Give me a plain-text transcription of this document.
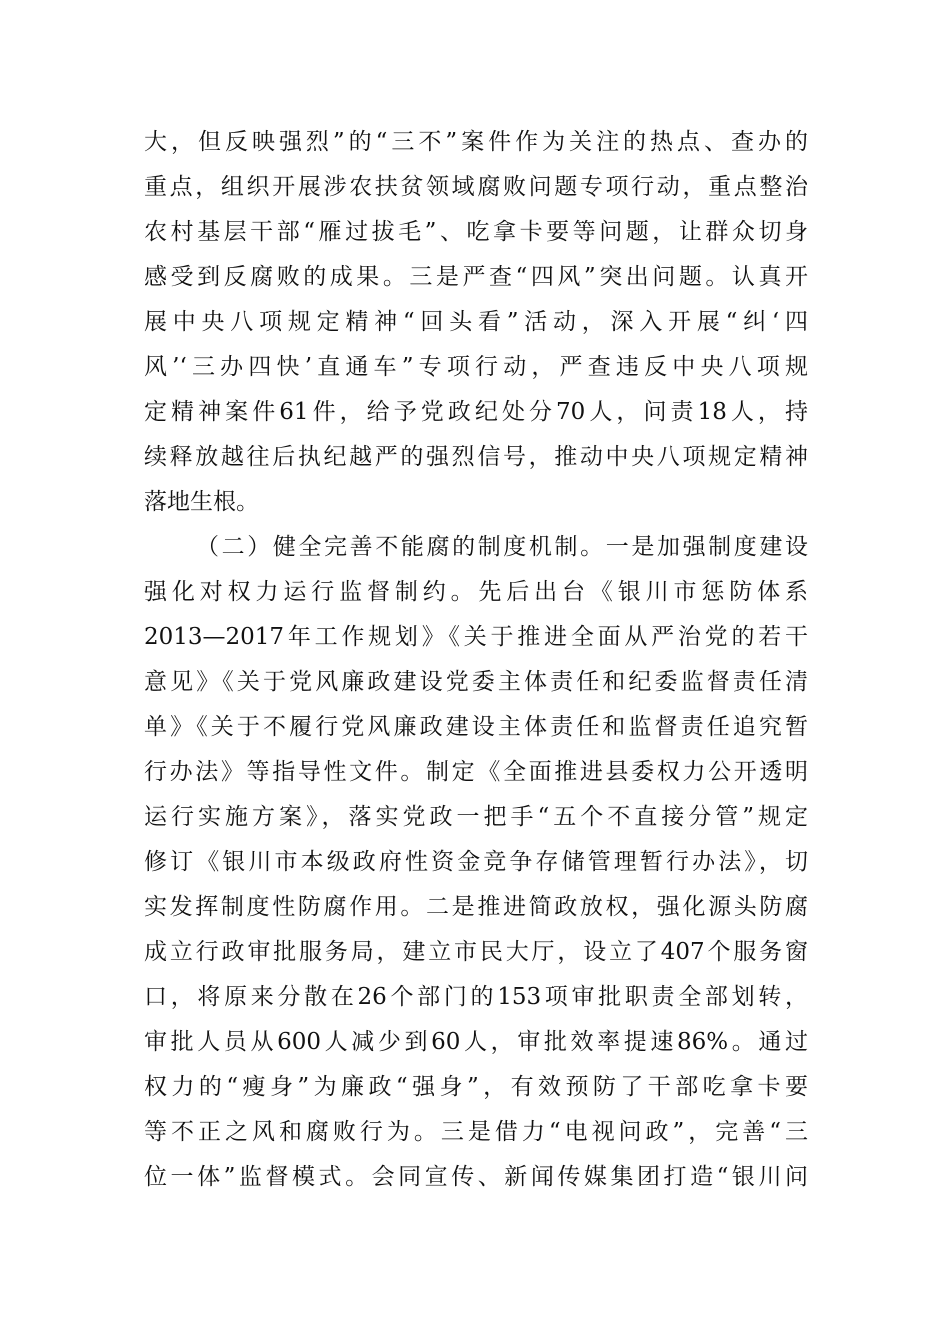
大，但反映强烈”的“三不”案件作为关注的热点、查办的
重点，组织开展涉农扶贫领域腐败问题专项行动，重点整治
农村基层干部“雁过拔毛”、吃拿卡要等问题，让群众切身
感受到反腐败的成果。三是严查“四风”突出问题。认真开
展中央八项规定精神“回头看”活动，深入开展“纠‘四
风’‘三办四快’直通车”专项行动，严查违反中央八项规
定精神案件61件，给予党政纪处分70人，问责18人，持
续释放越往后执纪越严的强烈信号，推动中央八项规定精神
落地生根。
（二）健全完善不能腐的制度机制。一是加强制度建设
强化对权力运行监督制约。先后出台《银川市惩防体系
2013—2017年工作规划》《关于推进全面从严治党的若干
意见》《关于党风廉政建设党委主体责任和纪委监督责任清
单》《关于不履行党风廉政建设主体责任和监督责任追究暂
行办法》等指导性文件。制定《全面推进县委权力公开透明
运行实施方案》，落实党政一把手“五个不直接分管”规定
修订《银川市本级政府性资金竞争存储管理暂行办法》，切
实发挥制度性防腐作用。二是推进简政放权，强化源头防腐
成立行政审批服务局，建立市民大厅，设立了407个服务窗
口，将原来分散在26个部门的153项审批职责全部划转，
审批人员从600人减少到60人，审批效率提速86%。通过
权力的“瘦身”为廉政“强身”，有效预防了干部吃拿卡要
等不正之风和腐败行为。三是借力“电视问政”，完善“三
位一体”监督模式。会同宣传、新闻传媒集团打造“银川问
